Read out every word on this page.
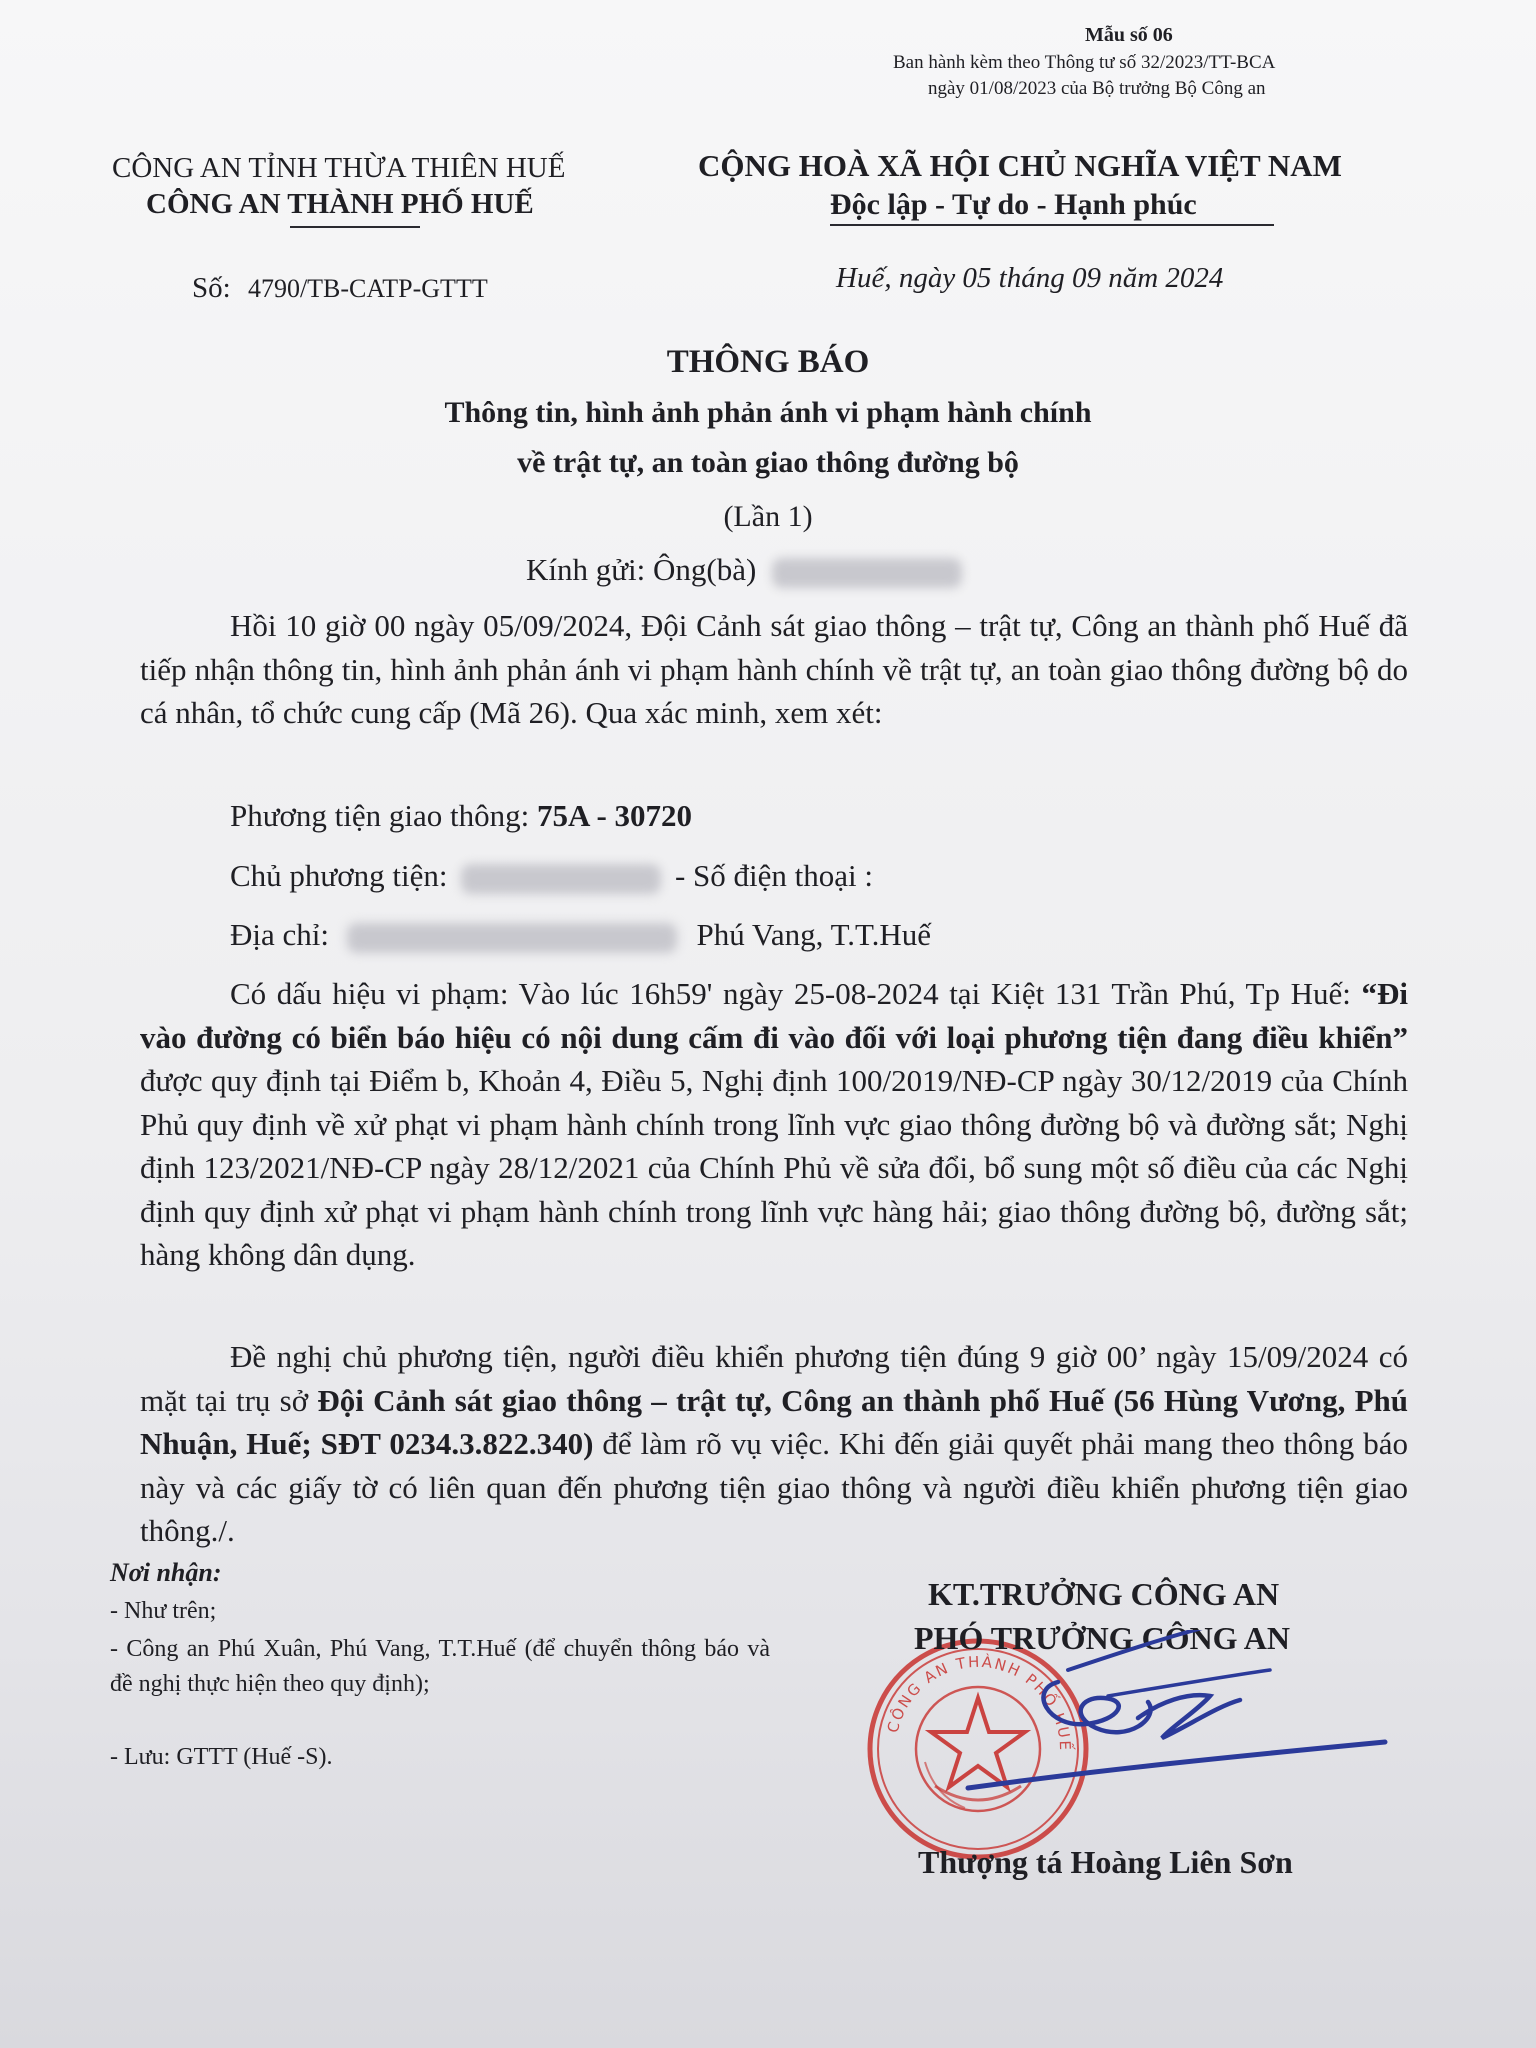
Mẫu số 06
Ban hành kèm theo Thông tư số 32/2023/TT-BCA
ngày 01/08/2023 của Bộ trưởng Bộ Công an
CÔNG AN TỈNH THỪA THIÊN HUẾ
CÔNG AN THÀNH PHỐ HUẾ
CỘNG HOÀ XÃ HỘI CHỦ NGHĨA VIỆT NAM
Độc lập - Tự do - Hạnh phúc
Số: 4790/TB-CATP-GTTT	Huế, ngày 05 tháng 09 năm 2024
THÔNG BÁO
Thông tin, hình ảnh phản ánh vi phạm hành chính
về trật tự, an toàn giao thông đường bộ
(Lần 1)
Kính gửi: Ông(bà)
Hồi 10 giờ 00 ngày 05/09/2024, Đội Cảnh sát giao thông – trật tự, Công an thành phố Huế đã tiếp nhận thông tin, hình ảnh phản ánh vi phạm hành chính về trật tự, an toàn giao thông đường bộ do cá nhân, tổ chức cung cấp (Mã 26). Qua xác minh, xem xét:
Phương tiện giao thông: 75A - 30720
Chủ phương tiện:	- Số điện thoại :
Địa chỉ:	Phú Vang, T.T.Huế
Có dấu hiệu vi phạm: Vào lúc 16h59' ngày 25-08-2024 tại Kiệt 131 Trần Phú, Tp Huế: “Đi vào đường có biển báo hiệu có nội dung cấm đi vào đối với loại phương tiện đang điều khiển” được quy định tại Điểm b, Khoản 4, Điều 5, Nghị định 100/2019/NĐ-CP ngày 30/12/2019 của Chính Phủ quy định về xử phạt vi phạm hành chính trong lĩnh vực giao thông đường bộ và đường sắt; Nghị định 123/2021/NĐ-CP ngày 28/12/2021 của Chính Phủ về sửa đổi, bổ sung một số điều của các Nghị định quy định xử phạt vi phạm hành chính trong lĩnh vực hàng hải; giao thông đường bộ, đường sắt; hàng không dân dụng.
Đề nghị chủ phương tiện, người điều khiển phương tiện đúng 9 giờ 00’ ngày 15/09/2024 có mặt tại trụ sở Đội Cảnh sát giao thông – trật tự, Công an thành phố Huế (56 Hùng Vương, Phú Nhuận, Huế; SĐT 0234.3.822.340) để làm rõ vụ việc. Khi đến giải quyết phải mang theo thông báo này và các giấy tờ có liên quan đến phương tiện giao thông và người điều khiển phương tiện giao thông./.
Nơi nhận:
- Như trên;
- Công an Phú Xuân, Phú Vang, T.T.Huế (để chuyển thông báo và đề nghị thực hiện theo quy định);
- Lưu: GTTT (Huế -S).
CÔNG AN THÀNH PHỐ HUẾ
KT.TRƯỞNG CÔNG AN
PHÓ TRƯỞNG CÔNG AN
Thượng tá Hoàng Liên Sơn
